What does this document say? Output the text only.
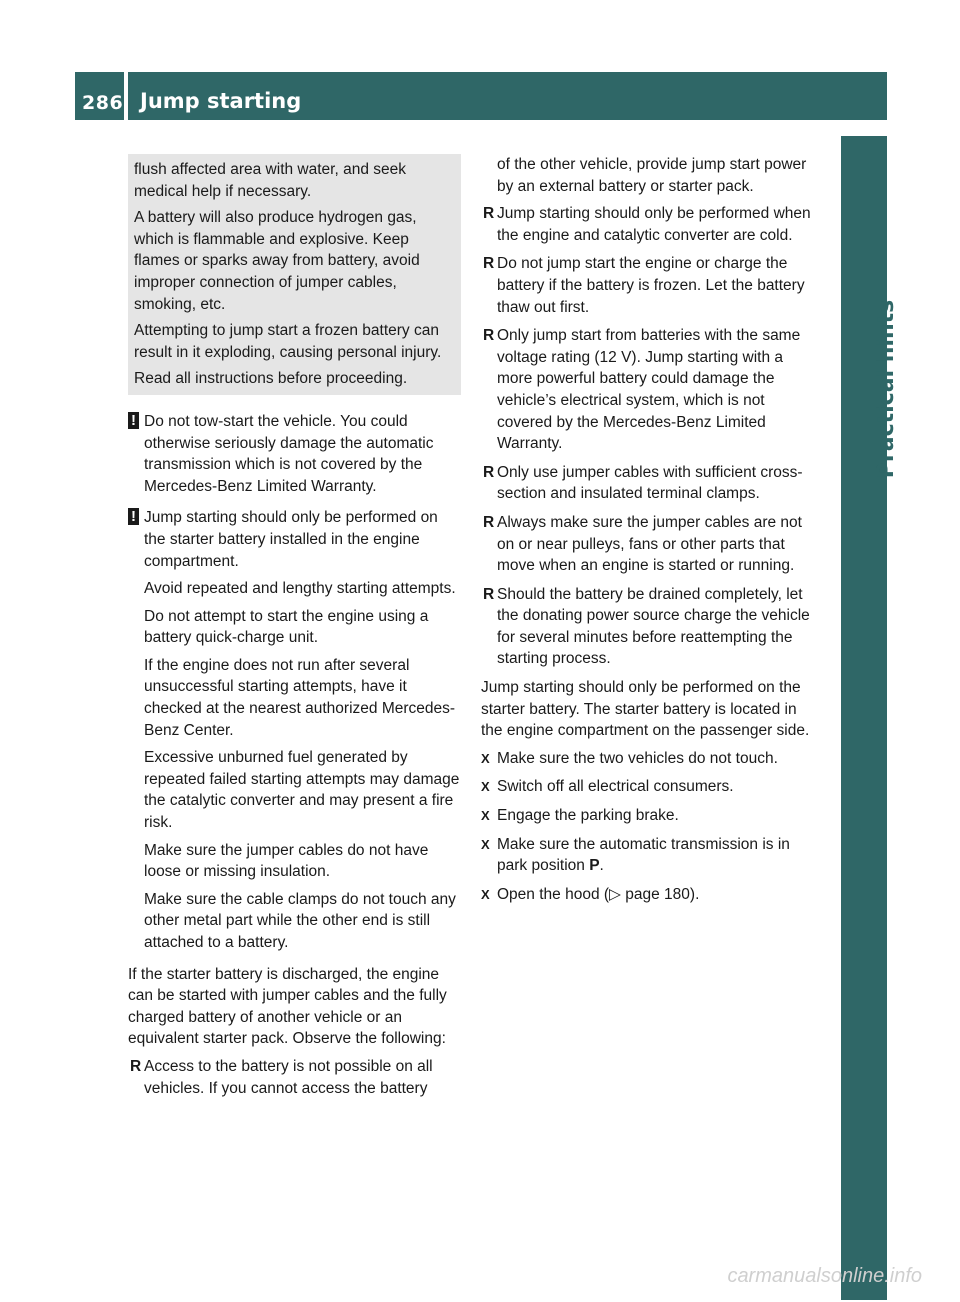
286 Jump starting
Practical hints

flush affected area with water, and seek medical help if necessary.

A battery will also produce hydrogen gas, which is flammable and explosive. Keep flames or sparks away from battery, avoid improper connection of jumper cables, smoking, etc.

Attempting to jump start a frozen battery can result in it exploding, causing personal injury.

Read all instructions before proceeding.

!

Do not tow-start the vehicle. You could otherwise seriously damage the automatic transmission which is not covered by the Mercedes-Benz Limited Warranty.

!

Jump starting should only be performed on the starter battery installed in the engine compartment.

Avoid repeated and lengthy starting attempts.

Do not attempt to start the engine using a battery quick-charge unit.

If the engine does not run after several unsuccessful starting attempts, have it checked at the nearest authorized Mercedes-Benz Center.

Excessive unburned fuel generated by repeated failed starting attempts may damage the catalytic converter and may present a fire risk.

Make sure the jumper cables do not have loose or missing insulation.

Make sure the cable clamps do not touch any other metal part while the other end is still attached to a battery.

If the starter battery is discharged, the engine can be started with jumper cables and the fully charged battery of another vehicle or an equivalent starter pack. Observe the following:

R Access to the battery is not possible on all vehicles. If you cannot access the battery

of the other vehicle, provide jump start power by an external battery or starter pack.

R Jump starting should only be performed when the engine and catalytic converter are cold.
R Do not jump start the engine or charge the battery if the battery is frozen. Let the battery thaw out first.
R Only jump start from batteries with the same voltage rating (12 V). Jump starting with a more powerful battery could damage the vehicle’s electrical system, which is not covered by the Mercedes-Benz Limited Warranty.
R Only use jumper cables with sufficient cross-section and insulated terminal clamps.
R Always make sure the jumper cables are not on or near pulleys, fans or other parts that move when an engine is started or running.
R Should the battery be drained completely, let the donating power source charge the vehicle for several minutes before reattempting the starting process.

Jump starting should only be performed on the starter battery. The starter battery is located in the engine compartment on the passenger side.

X Make sure the two vehicles do not touch.
X Switch off all electrical consumers.
X Engage the parking brake.
X Make sure the automatic transmission is in park position P.
X Open the hood (▷ page 180).
carmanualsonline.info
